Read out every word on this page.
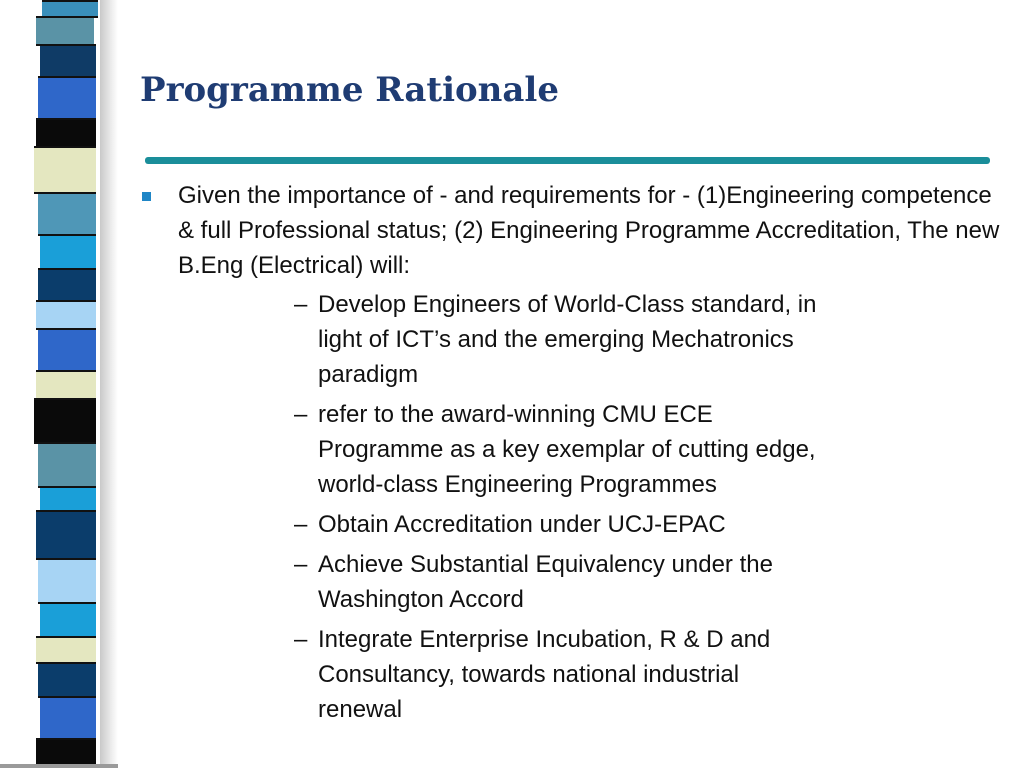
Programme Rationale
Given the importance of - and requirements for - (1)Engineering competence & full Professional status; (2) Engineering Programme Accreditation, The new B.Eng (Electrical) will:
– Develop Engineers of World-Class standard, in light of ICT’s and the emerging Mechatronics paradigm
– refer to the award-winning CMU ECE Programme as a key exemplar of cutting edge, world-class Engineering Programmes
– Obtain Accreditation under UCJ-EPAC
– Achieve Substantial Equivalency under the Washington Accord
– Integrate Enterprise Incubation, R & D and Consultancy, towards national industrial renewal
